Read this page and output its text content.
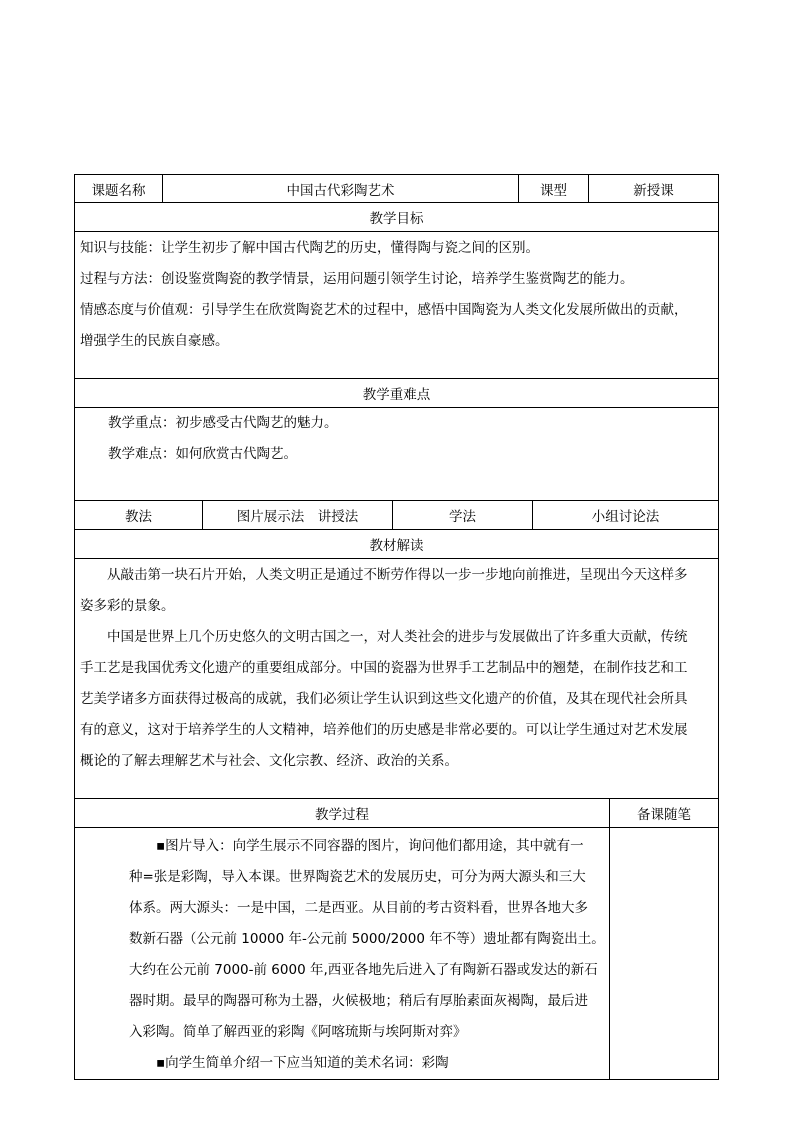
课题名称	中国古代彩陶艺术	课型	新授课
教学目标

知识与技能：让学生初步了解中国古代陶艺的历史，懂得陶与瓷之间的区别。

过程与方法：创设鉴赏陶瓷的教学情景，运用问题引领学生讨论，培养学生鉴赏陶艺的能力。

情感态度与价值观：引导学生在欣赏陶瓷艺术的过程中，感悟中国陶瓷为人类文化发展所做出的贡献，

增强学生的民族自豪感。

教学重难点

教学重点：初步感受古代陶艺的魅力。

教学难点：如何欣赏古代陶艺。

教法	图片展示法　讲授法	学法	小组讨论法
教材解读

从敲击第一块石片开始，人类文明正是通过不断劳作得以一步一步地向前推进，呈现出今天这样多

姿多彩的景象。

中国是世界上几个历史悠久的文明古国之一，对人类社会的进步与发展做出了许多重大贡献，传统

手工艺是我国优秀文化遗产的重要组成部分。中国的瓷器为世界手工艺制品中的翘楚，在制作技艺和工

艺美学诸多方面获得过极高的成就，我们必须让学生认识到这些文化遗产的价值，及其在现代社会所具

有的意义，这对于培养学生的人文精神，培养他们的历史感是非常必要的。可以让学生通过对艺术发展

概论的了解去理解艺术与社会、文化宗教、经济、政治的关系。

教学过程	备课随笔

▪图片导入：向学生展示不同容器的图片，询问他们都用途，其中就有一

种=张是彩陶，导入本课。世界陶瓷艺术的发展历史，可分为两大源头和三大

体系。两大源头：一是中国，二是西亚。从目前的考古资料看，世界各地大多

数新石器（公元前 10000 年-公元前 5000/2000 年不等）遗址都有陶瓷出土。

大约在公元前 7000-前 6000 年,西亚各地先后进入了有陶新石器或发达的新石

器时期。最早的陶器可称为土器，火候极地；稍后有厚胎素面灰褐陶，最后进

入彩陶。简单了解西亚的彩陶《阿喀琉斯与埃阿斯对弈》

▪向学生简单介绍一下应当知道的美术名词：彩陶
